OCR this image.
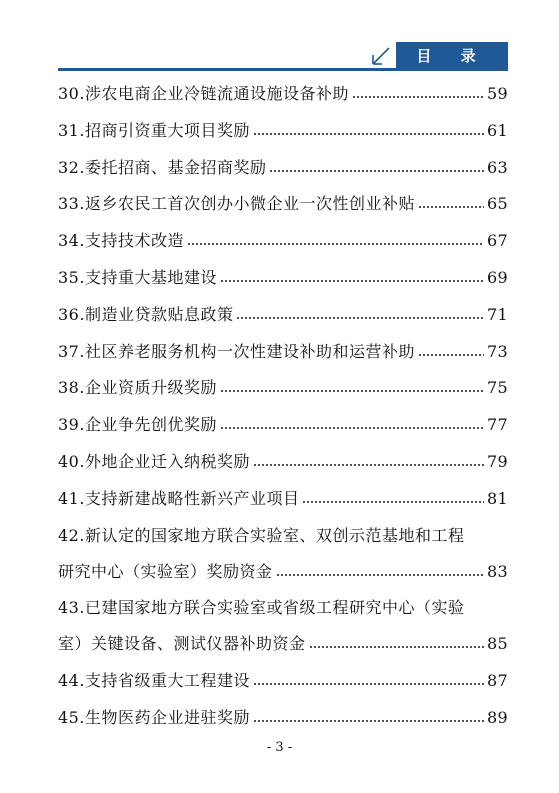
目 录
30.涉农电商企业冷链流通设施设备补助	59
31.招商引资重大项目奖励	61
32.委托招商、基金招商奖励	63
33.返乡农民工首次创办小微企业一次性创业补贴	65
34.支持技术改造	67
35.支持重大基地建设	69
36.制造业贷款贴息政策	71
37.社区养老服务机构一次性建设补助和运营补助	73
38.企业资质升级奖励	75
39.企业争先创优奖励	77
40.外地企业迁入纳税奖励	79
41.支持新建战略性新兴产业项目	81
42.新认定的国家地方联合实验室、双创示范基地和工程
研究中心（实验室）奖励资金	83
43.已建国家地方联合实验室或省级工程研究中心（实验
室）关键设备、测试仪器补助资金	85
44.支持省级重大工程建设	87
45.生物医药企业进驻奖励	89
- 3 -
